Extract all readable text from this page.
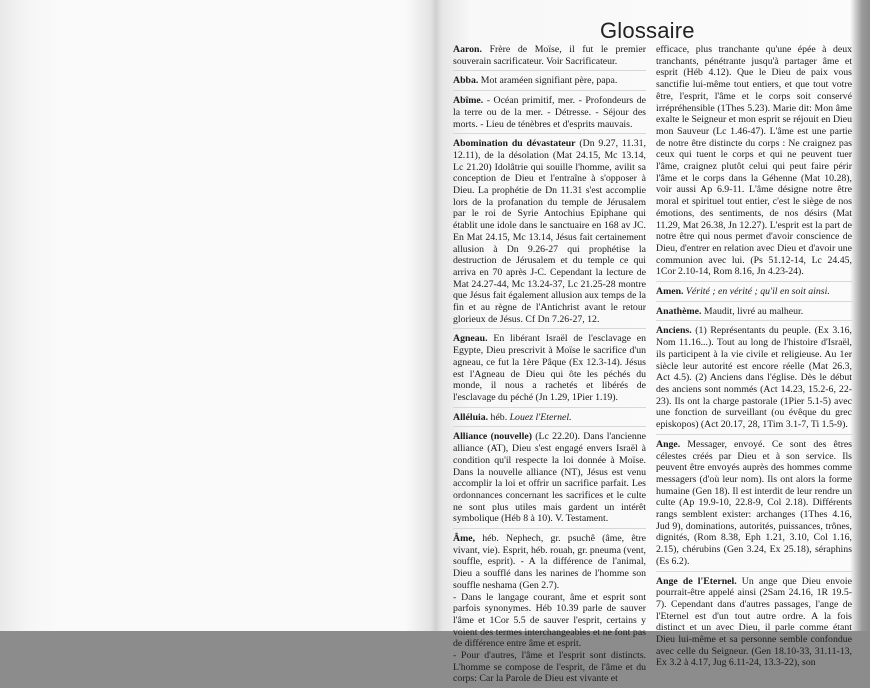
Glossaire
Aaron. Frère de Moïse, il fut le premier souverain sacrificateur. Voir Sacrificateur.
Abba. Mot araméen signifiant père, papa.
Abîme. - Océan primitif, mer. - Profondeurs de la terre ou de la mer. - Détresse. - Séjour des morts. - Lieu de ténèbres et d'esprits mauvais.
Abomination du dévastateur (Dn 9.27, 11.31, 12.11), de la désolation (Mat 24.15, Mc 13.14, Lc 21.20) Idolâtrie qui souille l'homme, avilit sa conception de Dieu et l'entraîne à s'opposer à Dieu. La prophétie de Dn 11.31 s'est accomplie lors de la profanation du temple de Jérusalem par le roi de Syrie Antochius Epiphane qui établit une idole dans le sanctuaire en 168 av JC. En Mat 24.15, Mc 13.14, Jésus fait certainement allusion à Dn 9.26-27 qui prophétise la destruction de Jérusalem et du temple ce qui arriva en 70 après J-C. Cependant la lecture de Mat 24.27-44, Mc 13.24-37, Lc 21.25-28 montre que Jésus fait également allusion aux temps de la fin et au règne de l'Antichrist avant le retour glorieux de Jésus. Cf Dn 7.26-27, 12.
Agneau. En libérant Israël de l'esclavage en Egypte, Dieu prescrivit à Moïse le sacrifice d'un agneau, ce fut la 1ère Pâque (Ex 12.3-14). Jésus est l'Agneau de Dieu qui ôte les péchés du monde, il nous a rachetés et libérés de l'esclavage du péché (Jn 1.29, 1Pier 1.19).
Alléluia. héb. Louez l'Eternel.
Alliance (nouvelle) (Lc 22.20). Dans l'ancienne alliance (AT), Dieu s'est engagé envers Israël à condition qu'il respecte la loi donnée à Moïse. Dans la nouvelle alliance (NT), Jésus est venu accomplir la loi et offrir un sacrifice parfait. Les ordonnances concernant les sacrifices et le culte ne sont plus utiles mais gardent un intérêt symbolique (Héb 8 à 10). V. Testament.
Âme, héb. Nephech, gr. psuchê (âme, être vivant, vie). Esprit, héb. rouah, gr. pneuma (vent, souffle, esprit). - A la différence de l'animal, Dieu a soufflé dans les narines de l'homme son souffle neshama (Gen 2.7).

- Dans le langage courant, âme et esprit sont parfois synonymes. Héb 10.39 parle de sauver l'âme et 1Cor 5.5 de sauver l'esprit, certains y voient des termes interchangeables et ne font pas de différence entre âme et esprit.

- Pour d'autres, l'âme et l'esprit sont distincts. L'homme se compose de l'esprit, de l'âme et du corps: Car la Parole de Dieu est vivante et

efficace, plus tranchante qu'une épée à deux tranchants, pénétrante jusqu'à partager âme et esprit (Héb 4.12). Que le Dieu de paix vous sanctifie lui-même tout entiers, et que tout votre être, l'esprit, l'âme et le corps soit conservé irrépréhensible (1Thes 5.23). Marie dit: Mon âme exalte le Seigneur et mon esprit se réjouit en Dieu mon Sauveur (Lc 1.46-47). L'âme est une partie de notre être distincte du corps : Ne craignez pas ceux qui tuent le corps et qui ne peuvent tuer l'âme, craignez plutôt celui qui peut faire périr l'âme et le corps dans la Géhenne (Mat 10.28), voir aussi Ap 6.9-11. L'âme désigne notre être moral et spirituel tout entier, c'est le siège de nos émotions, des sentiments, de nos désirs (Mat 11.29, Mat 26.38, Jn 12.27). L'esprit est la part de notre être qui nous permet d'avoir conscience de Dieu, d'entrer en relation avec Dieu et d'avoir une communion avec lui. (Ps 51.12-14, Lc 24.45, 1Cor 2.10-14, Rom 8.16, Jn 4.23-24).
Amen. Vérité ; en vérité ; qu'il en soit ainsi.
Anathème. Maudit, livré au malheur.
Anciens. (1) Représentants du peuple. (Ex 3.16, Nom 11.16...). Tout au long de l'histoire d'Israël, ils participent à la vie civile et religieuse. Au 1er siècle leur autorité est encore réelle (Mat 26.3, Act 4.5). (2) Anciens dans l'église. Dès le début des anciens sont nommés (Act 14.23, 15.2-6, 22-23). Ils ont la charge pastorale (1Pier 5.1-5) avec une fonction de surveillant (ou évêque du grec episkopos) (Act 20.17, 28, 1Tim 3.1-7, Ti 1.5-9).
Ange. Messager, envoyé. Ce sont des êtres célestes créés par Dieu et à son service. Ils peuvent être envoyés auprès des hommes comme messagers (d'où leur nom). Ils ont alors la forme humaine (Gen 18). Il est interdit de leur rendre un culte (Ap 19.9-10, 22.8-9, Col 2.18). Différents rangs semblent exister: archanges (1Thes 4.16, Jud 9), dominations, autorités, puissances, trônes, dignités, (Rom 8.38, Eph 1.21, 3.10, Col 1.16, 2.15), chérubins (Gen 3.24, Ex 25.18), séraphins (Es 6.2).
Ange de l'Eternel. Un ange que Dieu envoie pourrait-être appelé ainsi (2Sam 24.16, 1R 19.5-7). Cependant dans d'autres passages, l'ange de l'Eternel est d'un tout autre ordre. A la fois distinct et un avec Dieu, il parle comme étant Dieu lui-même et sa personne semble confondue avec celle du Seigneur. (Gen 18.10-33, 31.11-13, Ex 3.2 à 4.17, Jug 6.11-24, 13.3-22), son
